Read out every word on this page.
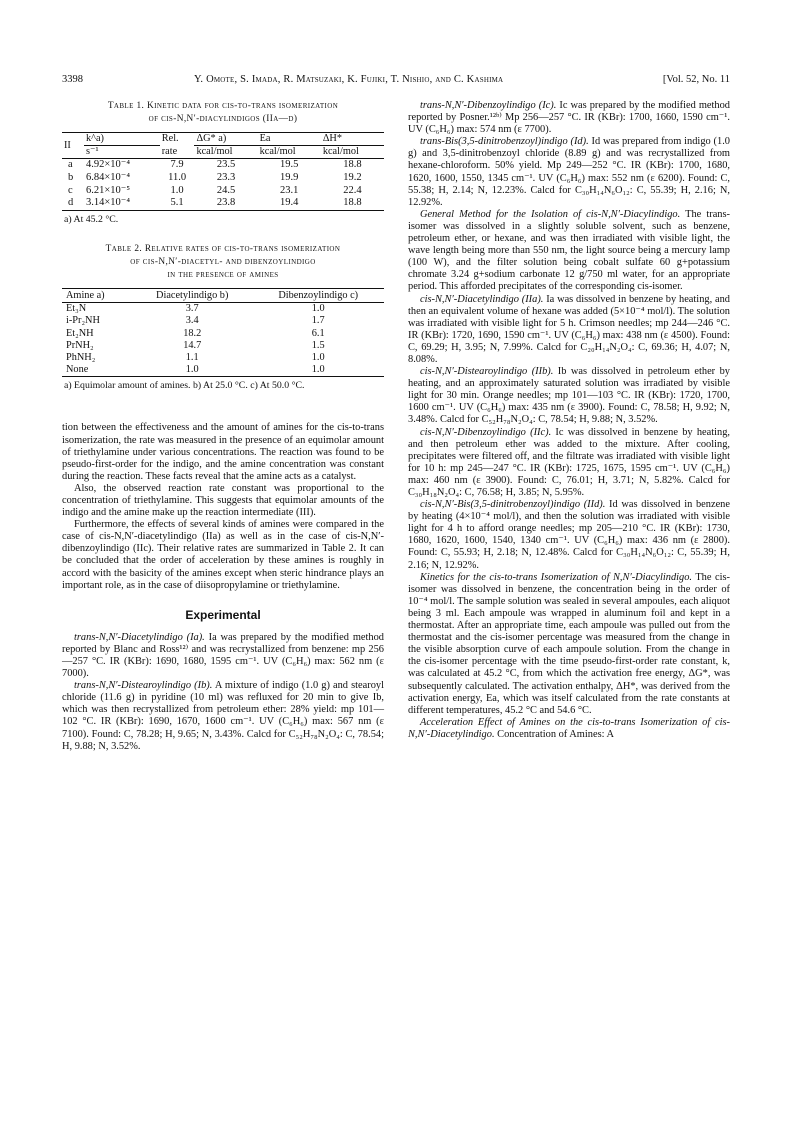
3398	Y. Omote, S. Imada, R. Matsuzaki, K. Fujiki, T. Nishio, and C. Kashima	[Vol. 52, No. 11
Table 1. Kinetic data for cis-to-trans isomerization
of cis-N,N′-diacylindigos (IIa—d)
II	k^a)	Rel.	ΔG* a)	Ea	ΔH*
	s⁻¹	rate	kcal/mol	kcal/mol	kcal/mol
a	4.92×10⁻⁴	7.9	23.5	19.5	18.8
b	6.84×10⁻⁴	11.0	23.3	19.9	19.2
c	6.21×10⁻⁵	1.0	24.5	23.1	22.4
d	3.14×10⁻⁴	5.1	23.8	19.4	18.8
a) At 45.2 °C.
Table 2. Relative rates of cis-to-trans isomerization
of cis-N,N′-diacetyl- and dibenzoylindigo
in the presence of amines
Amine a)	Diacetylindigo b)	Dibenzoylindigo c)
Et₃N	3.7	1.0
i-Pr₂NH	3.4	1.7
Et₂NH	18.2	6.1
PrNH₂	14.7	1.5
PhNH₂	1.1	1.0
None	1.0	1.0
a) Equimolar amount of amines. b) At 25.0 °C. c) At 50.0 °C.

tion between the effectiveness and the amount of amines for the cis-to-trans isomerization, the rate was measured in the presence of an equimolar amount of triethylamine under various concentrations. The reaction was found to be pseudo-first-order for the indigo, and the amine concentration was constant during the reaction. These facts reveal that the amine acts as a catalyst.

Also, the observed reaction rate constant was proportional to the concentration of triethylamine. This suggests that equimolar amounts of the indigo and the amine make up the reaction intermediate (III).

Furthermore, the effects of several kinds of amines were compared in the case of cis-N,N′-diacetylindigo (IIa) as well as in the case of cis-N,N′-dibenzoylindigo (IIc). Their relative rates are summarized in Table 2. It can be concluded that the order of acceleration by these amines is roughly in accord with the basicity of the amines except when steric hindrance plays an important role, as in the case of diisopropylamine or triethylamine.

Experimental

trans-N,N′-Diacetylindigo (Ia). Ia was prepared by the modified method reported by Blanc and Ross¹²⁾ and was recrystallized from benzene: mp 256—257 °C. IR (KBr): 1690, 1680, 1595 cm⁻¹. UV (C₆H₆) max: 562 nm (ε 7000).

trans-N,N′-Distearoylindigo (Ib). A mixture of indigo (1.0 g) and stearoyl chloride (11.6 g) in pyridine (10 ml) was refluxed for 20 min to give Ib, which was then recrystallized from petroleum ether: 28% yield: mp 101—102 °C. IR (KBr): 1690, 1670, 1600 cm⁻¹. UV (C₆H₆) max: 567 nm (ε 7100). Found: C, 78.28; H, 9.65; N, 3.43%. Calcd for C₅₂H₇₈N₂O₄: C, 78.54; H, 9.88; N, 3.52%.

trans-N,N′-Dibenzoylindigo (Ic). Ic was prepared by the modified method reported by Posner.¹²ᵇ⁾ Mp 256—257 °C. IR (KBr): 1700, 1660, 1590 cm⁻¹. UV (C₆H₆) max: 574 nm (ε 7700).

trans-Bis(3,5-dinitrobenzoyl)indigo (Id). Id was prepared from indigo (1.0 g) and 3,5-dinitrobenzoyl chloride (8.89 g) and was recrystallized from hexane-chloroform. 50% yield. Mp 249—252 °C. IR (KBr): 1700, 1680, 1620, 1600, 1550, 1345 cm⁻¹. UV (C₆H₆) max: 552 nm (ε 6200). Found: C, 55.38; H, 2.14; N, 12.23%. Calcd for C₃₀H₁₄N₆O₁₂: C, 55.39; H, 2.16; N, 12.92%.

General Method for the Isolation of cis-N,N′-Diacylindigo. The trans-isomer was dissolved in a slightly soluble solvent, such as benzene, petroleum ether, or hexane, and was then irradiated with visible light, the wave length being more than 550 nm, the light source being a mercury lamp (100 W), and the filter solution being cobalt sulfate 60 g+potassium chromate 3.24 g+sodium carbonate 12 g/750 ml water, for an appropriate period. This afforded precipitates of the corresponding cis-isomer.

cis-N,N′-Diacetylindigo (IIa). Ia was dissolved in benzene by heating, and then an equivalent volume of hexane was added (5×10⁻⁴ mol/l). The solution was irradiated with visible light for 5 h. Crimson needles; mp 244—246 °C. IR (KBr): 1720, 1690, 1590 cm⁻¹. UV (C₆H₆) max: 438 nm (ε 4500). Found: C, 69.29; H, 3.95; N, 7.99%. Calcd for C₂₀H₁₄N₂O₄: C, 69.36; H, 4.07; N, 8.08%.

cis-N,N′-Distearoylindigo (IIb). Ib was dissolved in petroleum ether by heating, and an approximately saturated solution was irradiated by visible light for 30 min. Orange needles; mp 101—103 °C. IR (KBr): 1720, 1700, 1600 cm⁻¹. UV (C₆H₆) max: 435 nm (ε 3900). Found: C, 78.58; H, 9.92; N, 3.48%. Calcd for C₅₂H₇₈N₂O₄: C, 78.54; H, 9.88; N, 3.52%.

cis-N,N′-Dibenzoylindigo (IIc). Ic was dissolved in benzene by heating, and then petroleum ether was added to the mixture. After cooling, precipitates were filtered off, and the filtrate was irradiated with visible light for 10 h: mp 245—247 °C. IR (KBr): 1725, 1675, 1595 cm⁻¹. UV (C₆H₆) max: 460 nm (ε 3900). Found: C, 76.01; H, 3.71; N, 5.82%. Calcd for C₃₀H₁₈N₂O₄: C, 76.58; H, 3.85; N, 5.95%.

cis-N,N′-Bis(3,5-dinitrobenzoyl)indigo (IId). Id was dissolved in benzene by heating (4×10⁻⁴ mol/l), and then the solution was irradiated with visible light for 4 h to afford orange needles; mp 205—210 °C. IR (KBr): 1730, 1680, 1620, 1600, 1540, 1340 cm⁻¹. UV (C₆H₆) max: 436 nm (ε 2800). Found: C, 55.93; H, 2.18; N, 12.48%. Calcd for C₃₀H₁₄N₆O₁₂: C, 55.39; H, 2.16; N, 12.92%.

Kinetics for the cis-to-trans Isomerization of N,N′-Diacylindigo. The cis-isomer was dissolved in benzene, the concentration being in the order of 10⁻⁴ mol/l. The sample solution was sealed in several ampoules, each aliquot being 3 ml. Each ampoule was wrapped in aluminum foil and kept in a thermostat. After an appropriate time, each ampoule was pulled out from the thermostat and the cis-isomer percentage was measured from the change in the visible absorption curve of each ampoule solution. From the change in the cis-isomer percentage with the time pseudo-first-order rate constant, k, was calculated at 45.2 °C, from which the activation free energy, ΔG*, was subsequently calculated. The activation enthalpy, ΔH*, was derived from the activation energy, Ea, which was itself calculated from the rate constants at different temperatures, 45.2 °C and 54.6 °C.

Acceleration Effect of Amines on the cis-to-trans Isomerization of cis-N,N′-Diacetylindigo. Concentration of Amines: A
